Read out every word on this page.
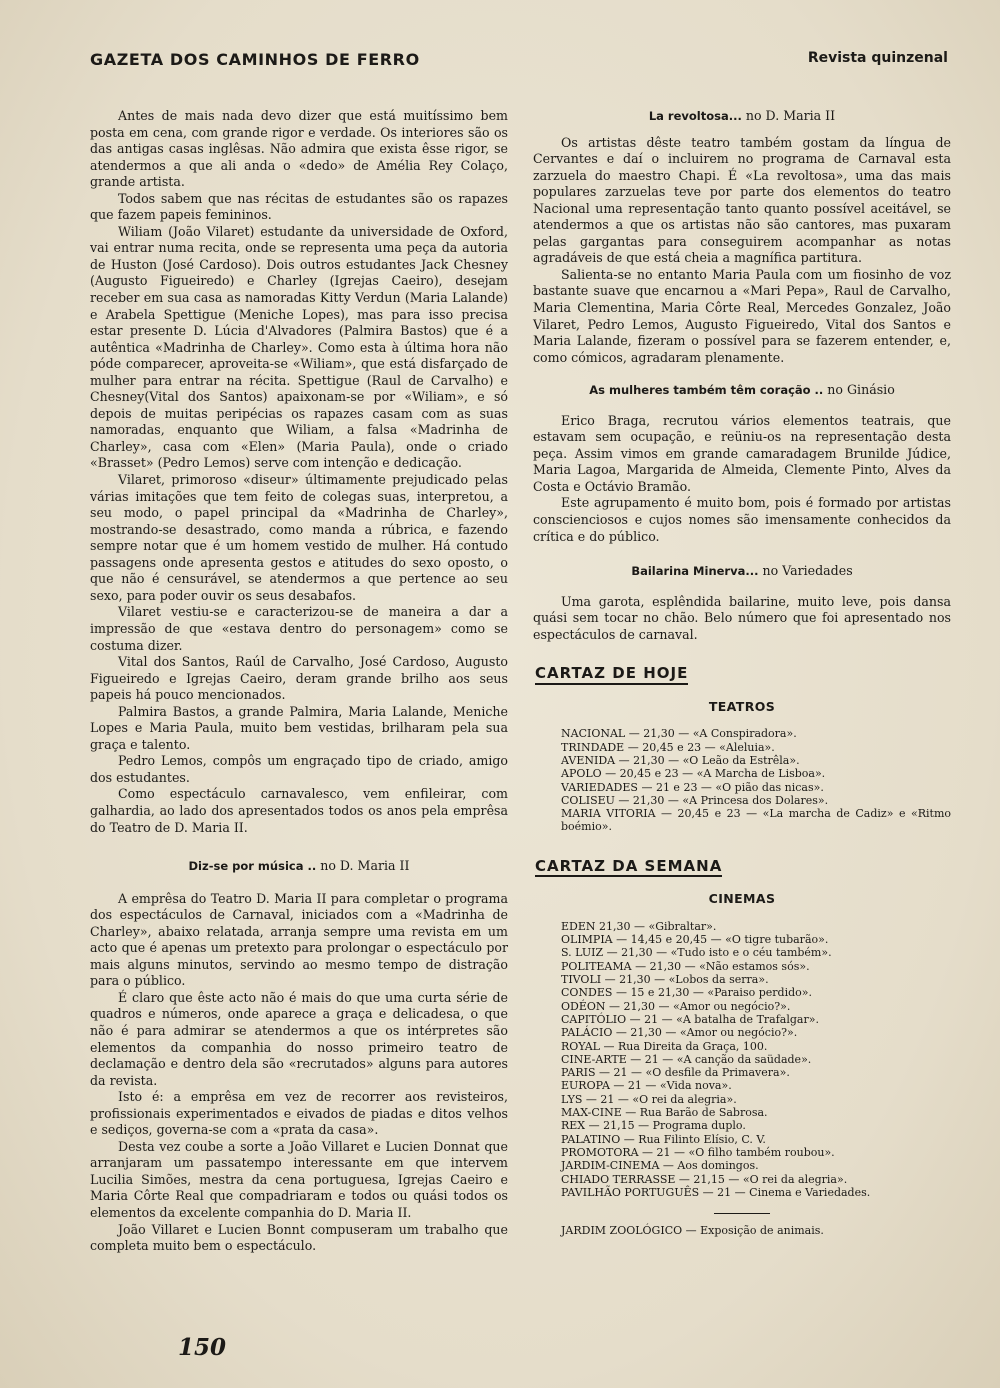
GAZETA DOS CAMINHOS DE FERRO	Revista quinzenal

Antes de mais nada devo dizer que está muitíssimo bem posta em cena, com grande rigor e verdade. Os interiores são os das antigas casas inglêsas. Não admira que exista êsse rigor, se atendermos a que ali anda o «dedo» de Amélia Rey Colaço, grande artista.

Todos sabem que nas récitas de estudantes são os rapazes que fazem papeis femininos.

Wiliam (João Vilaret) estudante da universidade de Oxford, vai entrar numa recita, onde se representa uma peça da autoria de Huston (José Cardoso). Dois outros estudantes Jack Chesney (Augusto Figueiredo) e Charley (Igrejas Caeiro), desejam receber em sua casa as namoradas Kitty Verdun (Maria Lalande) e Arabela Spettigue (Meniche Lopes), mas para isso precisa estar presente D. Lúcia d'Alvadores (Palmira Bastos) que é a autêntica «Madrinha de Charley». Como esta à última hora não póde comparecer, aproveita-se «Wiliam», que está disfarçado de mulher para entrar na récita. Spettigue (Raul de Carvalho) e Chesney(Vital dos Santos) apaixonam-se por «Wiliam», e só depois de muitas peripécias os rapazes casam com as suas namoradas, enquanto que Wiliam, a falsa «Madrinha de Charley», casa com «Elen» (Maria Paula), onde o criado «Brasset» (Pedro Lemos) serve com intenção e dedicação.

Vilaret, primoroso «diseur» últimamente prejudicado pelas várias imitações que tem feito de colegas suas, interpretou, a seu modo, o papel principal da «Madrinha de Charley», mostrando-se desastrado, como manda a rúbrica, e fazendo sempre notar que é um homem vestido de mulher. Há contudo passagens onde apresenta gestos e atitudes do sexo oposto, o que não é censurável, se atendermos a que pertence ao seu sexo, para poder ouvir os seus desabafos.

Vilaret vestiu-se e caracterizou-se de maneira a dar a impressão de que «estava dentro do personagem» como se costuma dizer.

Vital dos Santos, Raúl de Carvalho, José Cardoso, Augusto Figueiredo e Igrejas Caeiro, deram grande brilho aos seus papeis há pouco mencionados.

Palmira Bastos, a grande Palmira, Maria Lalande, Meniche Lopes e Maria Paula, muito bem vestidas, brilharam pela sua graça e talento.

Pedro Lemos, compôs um engraçado tipo de criado, amigo dos estudantes.

Como espectáculo carnavalesco, vem enfileirar, com galhardia, ao lado dos apresentados todos os anos pela emprêsa do Teatro de D. Maria II.

Diz-se por música .. no D. Maria II

A emprêsa do Teatro D. Maria II para completar o programa dos espectáculos de Carnaval, iniciados com a «Madrinha de Charley», abaixo relatada, arranja sempre uma revista em um acto que é apenas um pretexto para prolongar o espectáculo por mais alguns minutos, servindo ao mesmo tempo de distração para o público.

É claro que êste acto não é mais do que uma curta série de quadros e números, onde aparece a graça e delicadesa, o que não é para admirar se atendermos a que os intérpretes são elementos da companhia do nosso primeiro teatro de declamação e dentro dela são «recrutados» alguns para autores da revista.

Isto é: a emprêsa em vez de recorrer aos revisteiros, profissionais experimentados e eivados de piadas e ditos velhos e sediços, governa-se com a «prata da casa».

Desta vez coube a sorte a João Villaret e Lucien Donnat que arranjaram um passatempo interessante em que intervem Lucilia Simões, mestra da cena portuguesa, Igrejas Caeiro e Maria Côrte Real que compadriaram e todos ou quási todos os elementos da excelente companhia do D. Maria II.

João Villaret e Lucien Bonnt compuseram um trabalho que completa muito bem o espectáculo.

La revoltosa... no D. Maria II

Os artistas dêste teatro também gostam da língua de Cervantes e daí o incluirem no programa de Carnaval esta zarzuela do maestro Chapi. É «La revoltosa», uma das mais populares zarzuelas teve por parte dos elementos do teatro Nacional uma representação tanto quanto possível aceitável, se atendermos a que os artistas não são cantores, mas puxaram pelas gargantas para conseguirem acompanhar as notas agradáveis de que está cheia a magnífica partitura.

Salienta-se no entanto Maria Paula com um fiosinho de voz bastante suave que encarnou a «Mari Pepa», Raul de Carvalho, Maria Clementina, Maria Côrte Real, Mercedes Gonzalez, João Vilaret, Pedro Lemos, Augusto Figueiredo, Vital dos Santos e Maria Lalande, fizeram o possível para se fazerem entender, e, como cómicos, agradaram plenamente.

As mulheres também têm coração .. no Ginásio

Erico Braga, recrutou vários elementos teatrais, que estavam sem ocupação, e reüniu-os na representação desta peça. Assim vimos em grande camaradagem Brunilde Júdice, Maria Lagoa, Margarida de Almeida, Clemente Pinto, Alves da Costa e Octávio Bramão.

Este agrupamento é muito bom, pois é formado por artistas conscienciosos e cujos nomes são imensamente conhecidos da crítica e do público.

Bailarina Minerva... no Variedades

Uma garota, esplêndida bailarine, muito leve, pois dansa quási sem tocar no chão. Belo número que foi apresentado nos espectáculos de carnaval.

CARTAZ DE HOJE
TEATROS
NACIONAL — 21,30 — «A Conspiradora».
TRINDADE — 20,45 e 23 — «Aleluia».
AVENIDA — 21,30 — «O Leão da Estrêla».
APOLO — 20,45 e 23 — «A Marcha de Lisboa».
VARIEDADES — 21 e 23 — «O pião das nicas».
COLISEU — 21,30 — «A Princesa dos Dolares».
MARIA VITORIA — 20,45 e 23 — «La marcha de Cadiz» e «Ritmo boémio».
CARTAZ DA SEMANA
CINEMAS
EDEN 21,30 — «Gibraltar».
OLIMPIA — 14,45 e 20,45 — «O tigre tubarão».
S. LUIZ — 21,30 — «Tudo isto e o céu também».
POLITEAMA — 21,30 — «Não estamos sós».
TIVOLI — 21,30 — «Lobos da serra».
CONDES — 15 e 21,30 — «Paraiso perdido».
ODÉON — 21,30 — «Amor ou negócio?».
CAPITÓLIO — 21 — «A batalha de Trafalgar».
PALÁCIO — 21,30 — «Amor ou negócio?».
ROYAL — Rua Direita da Graça, 100.
CINE-ARTE — 21 — «A canção da saüdade».
PARIS — 21 — «O desfile da Primavera».
EUROPA — 21 — «Vida nova».
LYS — 21 — «O rei da alegria».
MAX-CINE — Rua Barão de Sabrosa.
REX — 21,15 — Programa duplo.
PALATINO — Rua Filinto Elísio, C. V.
PROMOTORA — 21 — «O filho também roubou».
JARDIM-CINEMA — Aos domingos.
CHIADO TERRASSE — 21,15 — «O rei da alegria».
PAVILHÃO PORTUGUÊS — 21 — Cinema e Variedades.
JARDIM ZOOLÓGICO — Exposição de animais.
150
